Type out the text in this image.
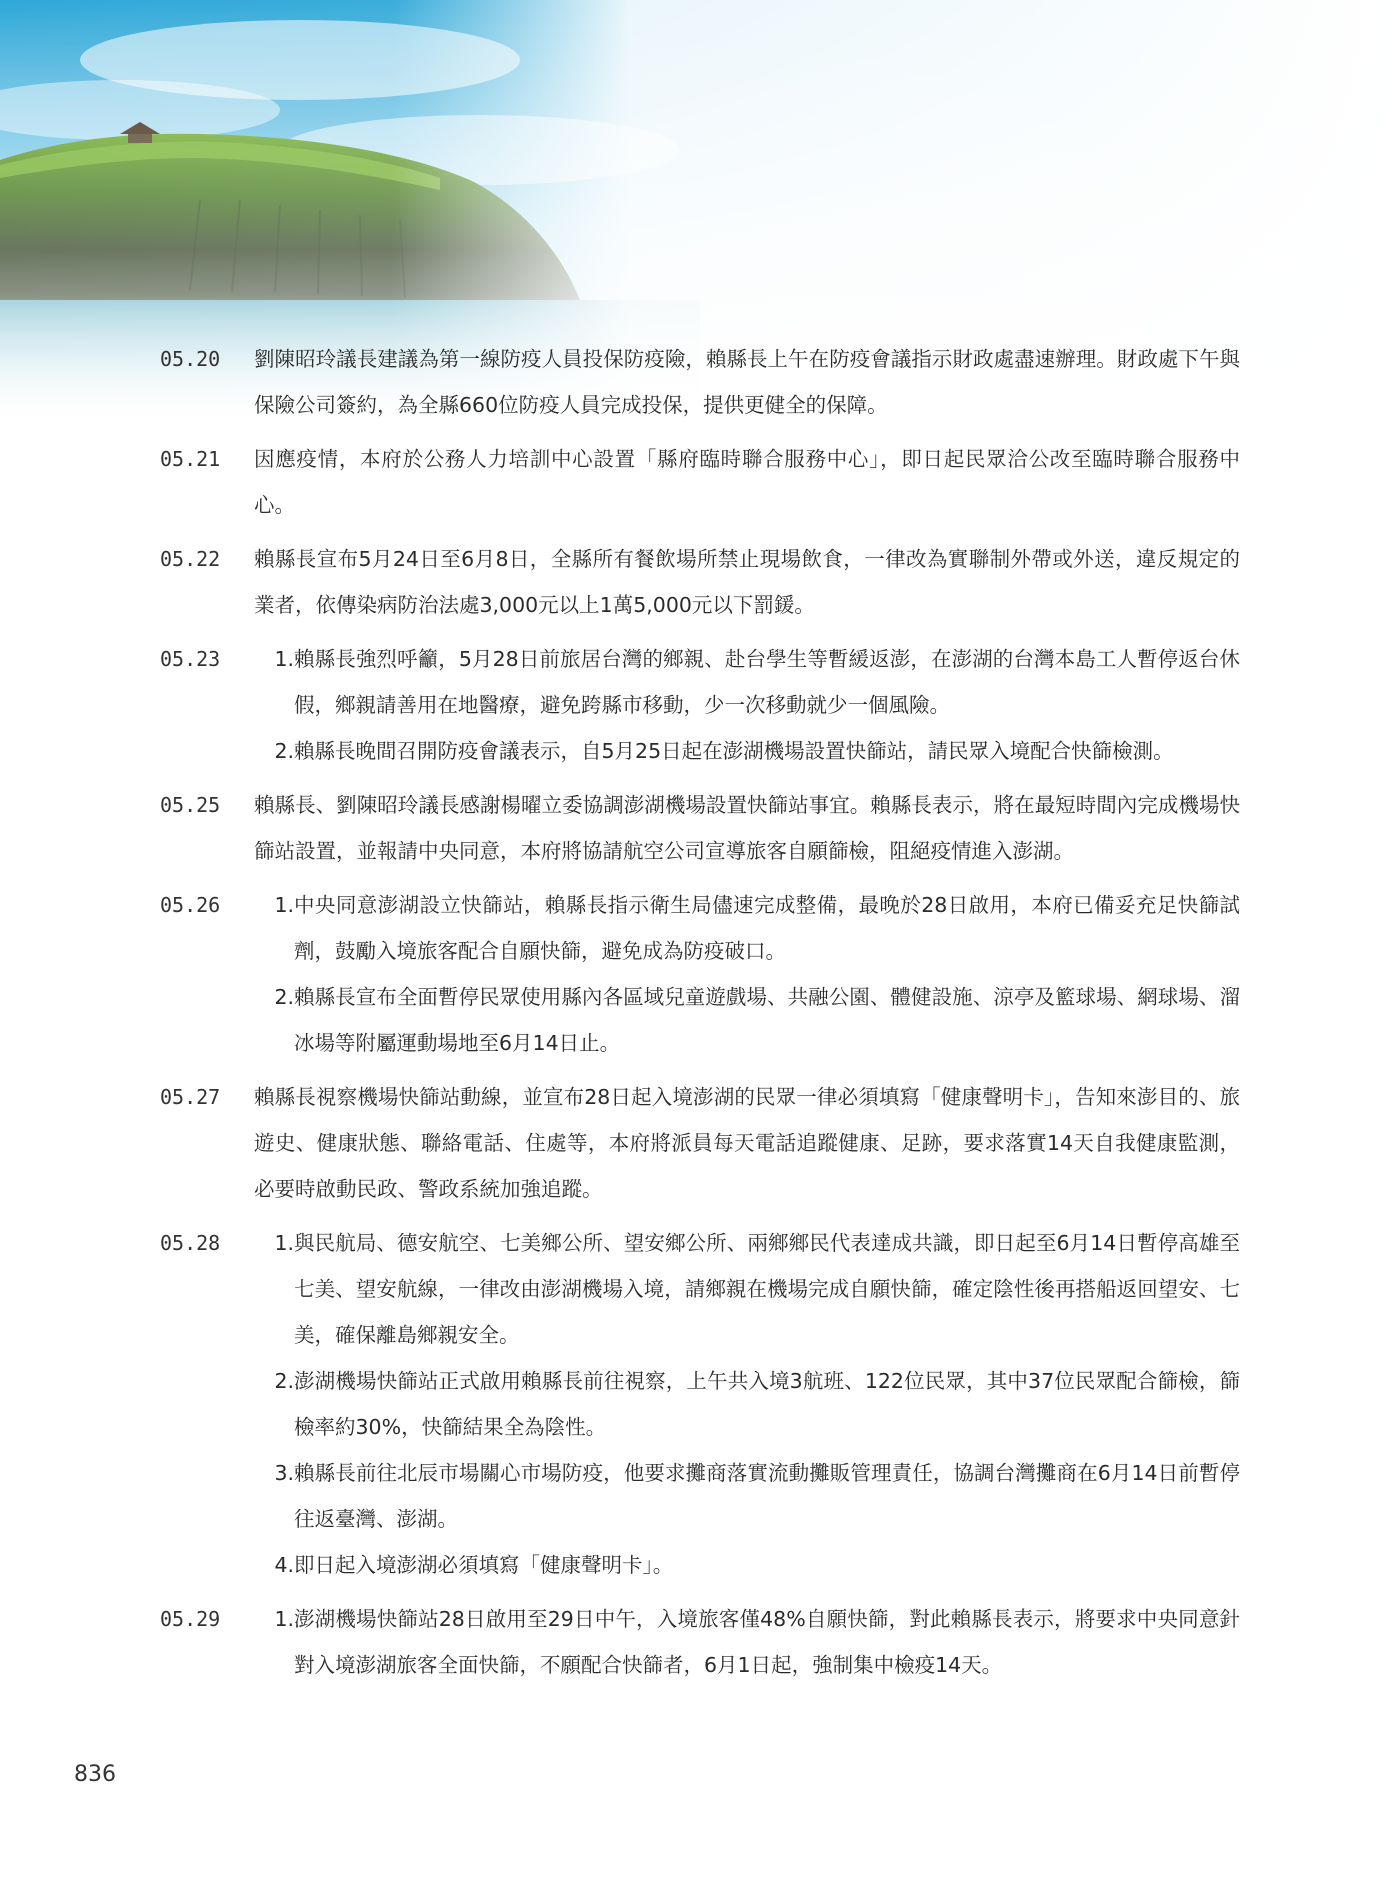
05.20	劉陳昭玲議長建議為第一線防疫人員投保防疫險，賴縣長上午在防疫會議指示財政處盡速辦理。財政處下午與保險公司簽約，為全縣660位防疫人員完成投保，提供更健全的保障。
05.21	因應疫情，本府於公務人力培訓中心設置「縣府臨時聯合服務中心」，即日起民眾洽公改至臨時聯合服務中心。
05.22	賴縣長宣布5月24日至6月8日，全縣所有餐飲場所禁止現場飲食，一律改為實聯制外帶或外送，違反規定的業者，依傳染病防治法處3,000元以上1萬5,000元以下罰鍰。
05.23	1. 賴縣長強烈呼籲，5月28日前旅居台灣的鄉親、赴台學生等暫緩返澎，在澎湖的台灣本島工人暫停返台休假，鄉親請善用在地醫療，避免跨縣市移動，少一次移動就少一個風險。
2. 賴縣長晚間召開防疫會議表示，自5月25日起在澎湖機場設置快篩站，請民眾入境配合快篩檢測。
05.25	賴縣長、劉陳昭玲議長感謝楊曜立委協調澎湖機場設置快篩站事宜。賴縣長表示，將在最短時間內完成機場快篩站設置，並報請中央同意，本府將協請航空公司宣導旅客自願篩檢，阻絕疫情進入澎湖。
05.26	1. 中央同意澎湖設立快篩站，賴縣長指示衛生局儘速完成整備，最晚於28日啟用，本府已備妥充足快篩試劑，鼓勵入境旅客配合自願快篩，避免成為防疫破口。
2. 賴縣長宣布全面暫停民眾使用縣內各區域兒童遊戲場、共融公園、體健設施、涼亭及籃球場、網球場、溜冰場等附屬運動場地至6月14日止。
05.27	賴縣長視察機場快篩站動線，並宣布28日起入境澎湖的民眾一律必須填寫「健康聲明卡」，告知來澎目的、旅遊史、健康狀態、聯絡電話、住處等，本府將派員每天電話追蹤健康、足跡，要求落實14天自我健康監測，必要時啟動民政、警政系統加強追蹤。
05.28	1. 與民航局、德安航空、七美鄉公所、望安鄉公所、兩鄉鄉民代表達成共識，即日起至6月14日暫停高雄至七美、望安航線，一律改由澎湖機場入境，請鄉親在機場完成自願快篩，確定陰性後再搭船返回望安、七美，確保離島鄉親安全。
2. 澎湖機場快篩站正式啟用賴縣長前往視察，上午共入境3航班、122位民眾，其中37位民眾配合篩檢，篩檢率約30%，快篩結果全為陰性。
3. 賴縣長前往北辰市場關心市場防疫，他要求攤商落實流動攤販管理責任，協調台灣攤商在6月14日前暫停往返臺灣、澎湖。
4. 即日起入境澎湖必須填寫「健康聲明卡」。
05.29	1. 澎湖機場快篩站28日啟用至29日中午，入境旅客僅48%自願快篩，對此賴縣長表示，將要求中央同意針對入境澎湖旅客全面快篩，不願配合快篩者，6月1日起，強制集中檢疫14天。
836
